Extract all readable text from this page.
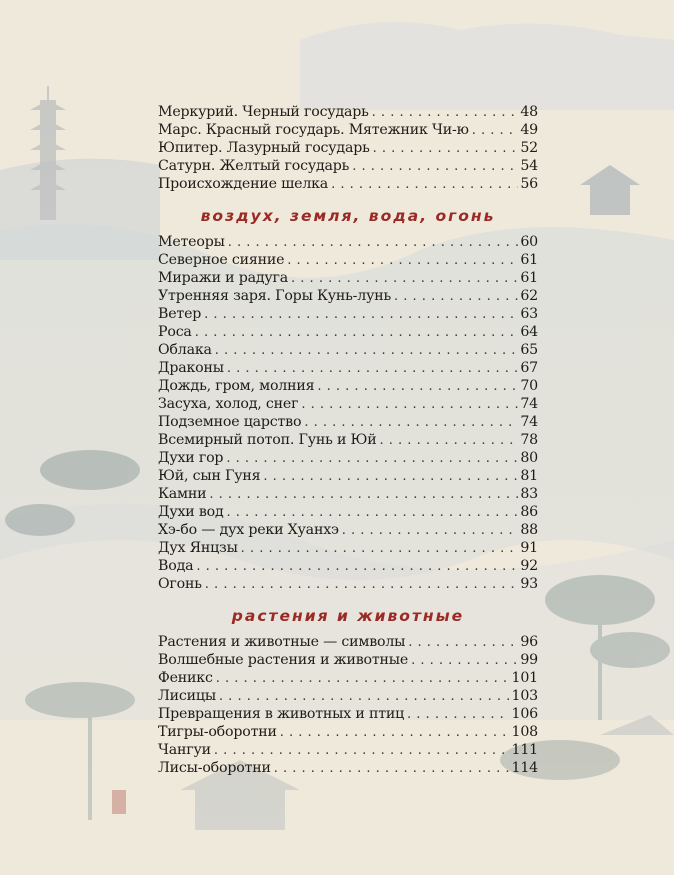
Меркурий. Черный государь . . .	48
Марс. Красный государь. Мятежник Чи-ю . . .	49
Юпитер. Лазурный государь . . .	52
Сатурн. Желтый государь . . .	54
Происхождение шелка . . .	56
воздух, земля, вода, огонь
Метеоры . . .	60
Северное сияние . . .	61
Миражи и радуга . . .	61
Утренняя заря. Горы Кунь-лунь . . .	62
Ветер . . .	63
Роса . . .	64
Облака . . .	65
Драконы . . .	67
Дождь, гром, молния . . .	70
Засуха, холод, снег . . .	74
Подземное царство . . .	74
Всемирный потоп. Гунь и Юй . . .	78
Духи гор . . .	80
Юй, сын Гуня . . .	81
Камни . . .	83
Духи вод . . .	86
Хэ-бо — дух реки Хуанхэ . . .	88
Дух Янцзы . . .	91
Вода . . .	92
Огонь . . .	93
растения и животные
Растения и животные — символы . . .	96
Волшебные растения и животные . . .	99
Феникс . . .	101
Лисицы . . .	103
Превращения в животных и птиц . . .	106
Тигры-оборотни . . .	108
Чангуи . . .	111
Лисы-оборотни . . .	114
